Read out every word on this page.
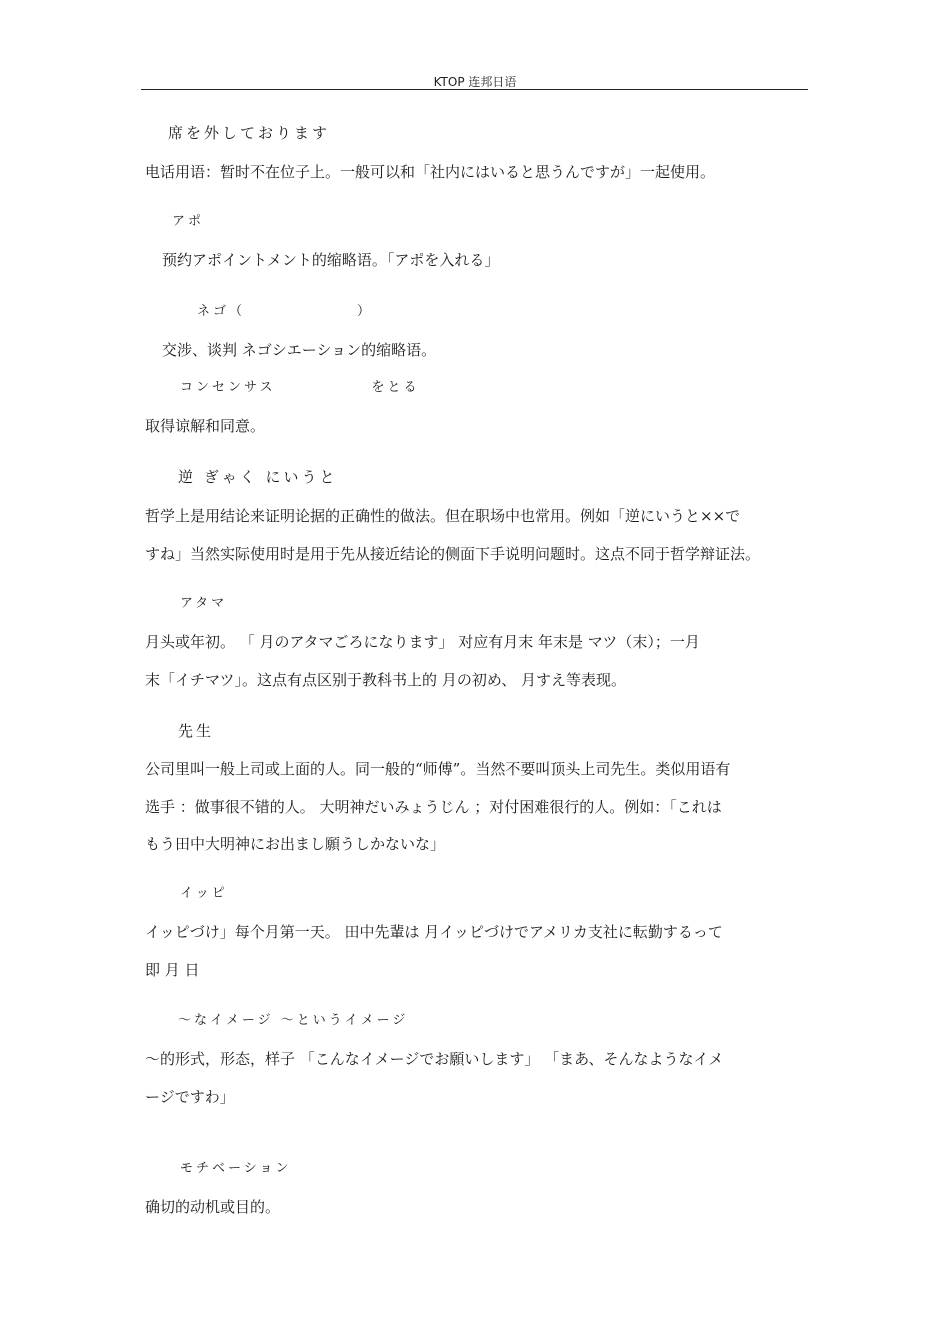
KTOP 连邦日语
席を外しております
电话用语：暂时不在位子上。一般可以和「社内にはいると思うんですが」一起使用。
アポ
预约アポイントメント的缩略语。「アポを入れる」
ネゴ（　　　　　　　）
交涉、谈判 ネゴシエーション的缩略语。
コンセンサス　　　　　　をとる
取得谅解和同意。
逆 ぎゃく にいうと
哲学上是用结论来证明论据的正确性的做法。但在职场中也常用。例如「逆にいうと××で
すね」当然实际使用时是用于先从接近结论的侧面下手说明问题时。这点不同于哲学辩证法。
アタマ
月头或年初。 「 月のアタマごろになります」 对应有月末 年末是 マツ（末）；一月
末「イチマツ」。这点有点区别于教科书上的 月の初め、 月すえ等表现。
先生
公司里叫一般上司或上面的人。同一般的“师傅”。当然不要叫顶头上司先生。类似用语有
选手 ：做事很不错的人。 大明神だいみょうじん ；对付困难很行的人。例如：「これは
もう田中大明神にお出まし願うしかないな」
イッピ
イッピづけ」每个月第一天。 田中先輩は 月イッピづけでアメリカ支社に転勤するって
即 月 日
～なイメージ ～というイメージ
～的形式，形态，样子 「こんなイメージでお願いします」 「まあ、そんなようなイメ
ージですわ」
モチベーション
确切的动机或目的。
